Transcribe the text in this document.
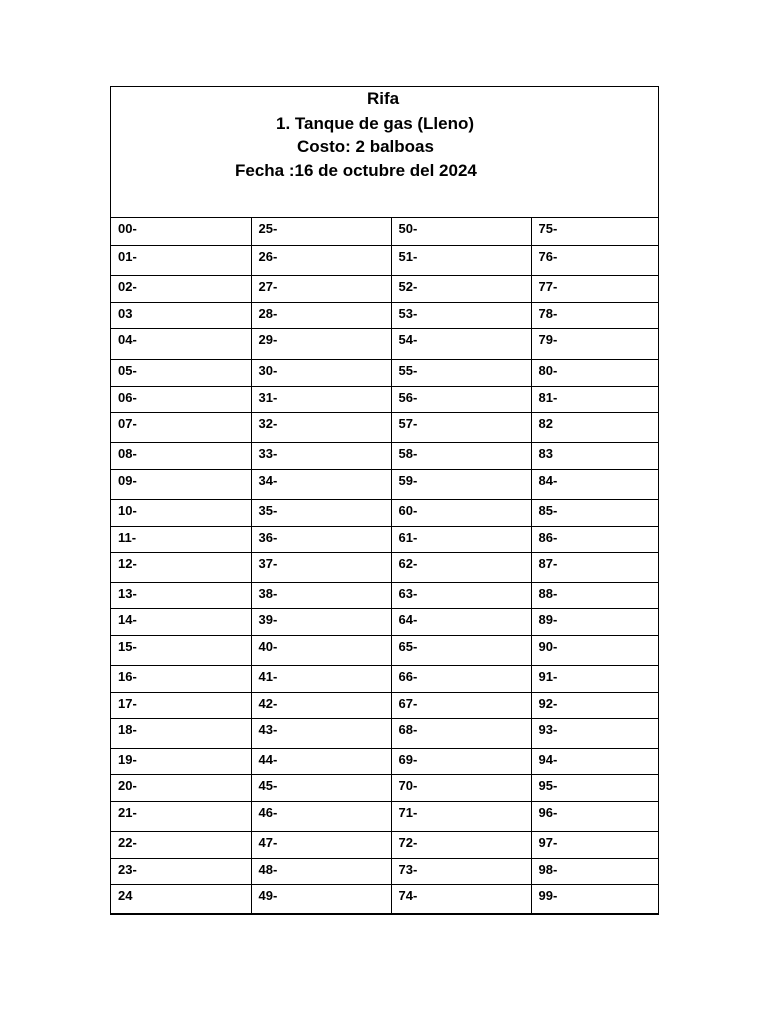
Rifa
1. Tanque de gas (Lleno)
Costo: 2 balboas
Fecha :16 de octubre del 2024
00-	25-	50-	75-
01-	26-	51-	76-
02-	27-	52-	77-
03	28-	53-	78-
04-	29-	54-	79-
05-	30-	55-	80-
06-	31-	56-	81-
07-	32-	57-	82
08-	33-	58-	83
09-	34-	59-	84-
10-	35-	60-	85-
11-	36-	61-	86-
12-	37-	62-	87-
13-	38-	63-	88-
14-	39-	64-	89-
15-	40-	65-	90-
16-	41-	66-	91-
17-	42-	67-	92-
18-	43-	68-	93-
19-	44-	69-	94-
20-	45-	70-	95-
21-	46-	71-	96-
22-	47-	72-	97-
23-	48-	73-	98-
24	49-	74-	99-
